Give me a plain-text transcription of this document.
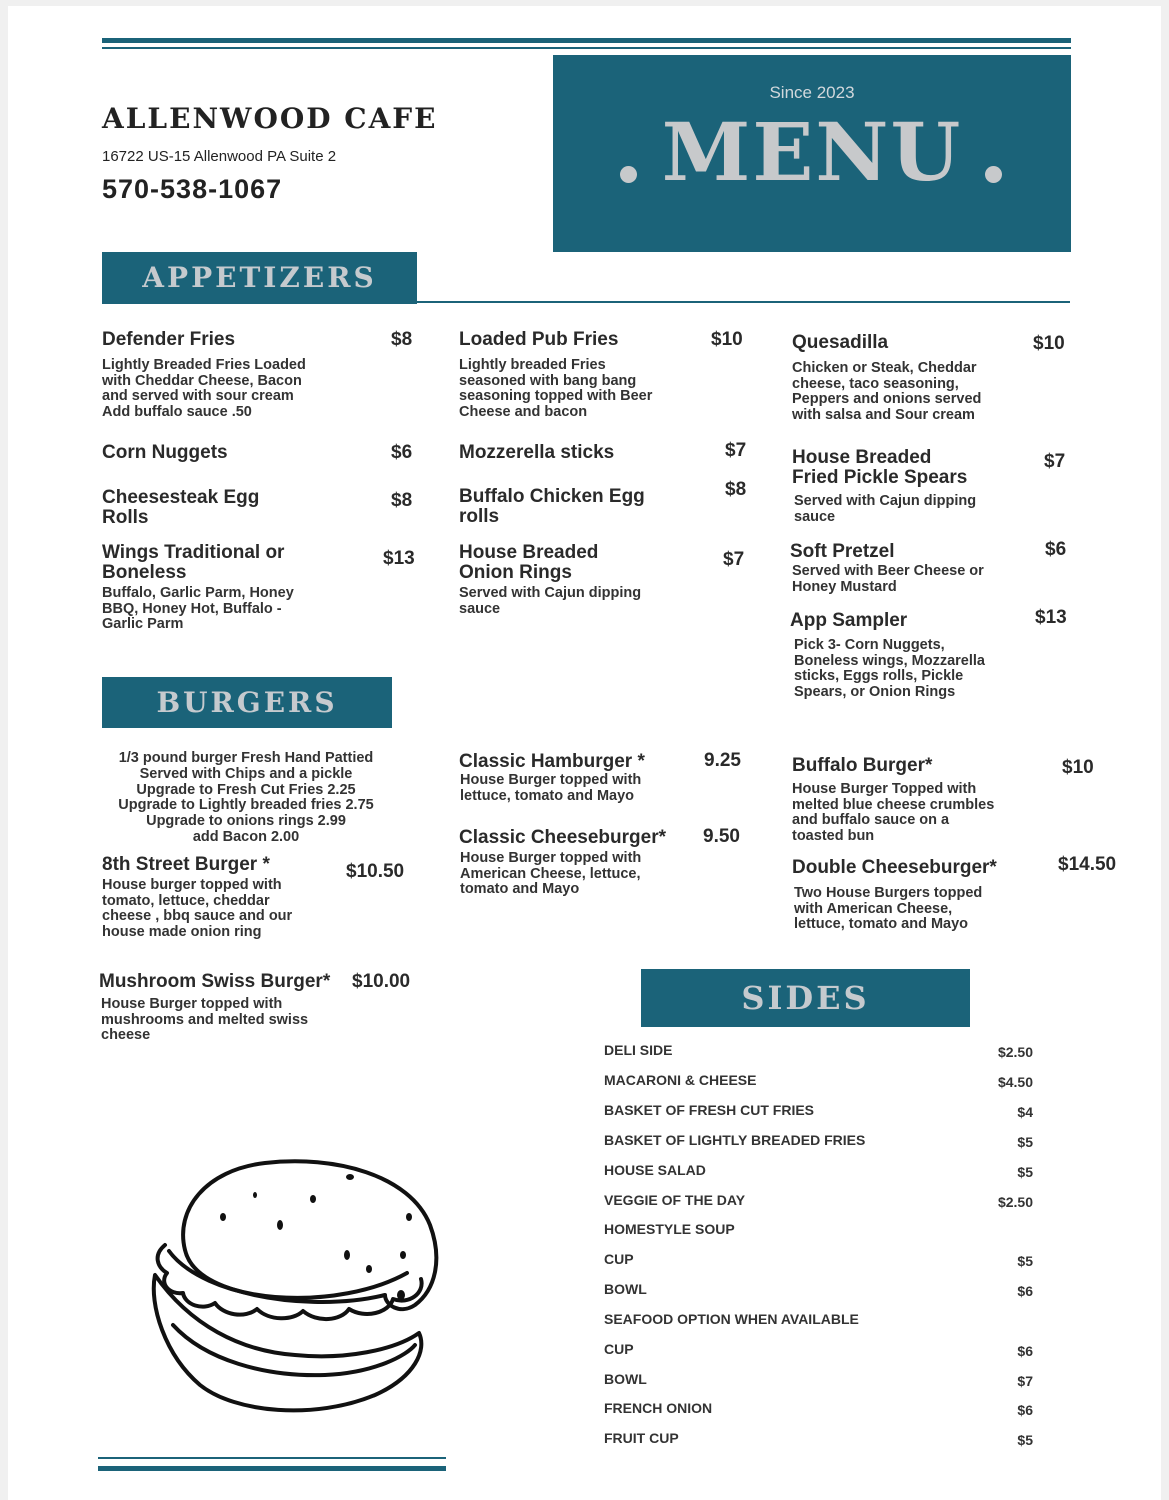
ALLENWOOD CAFE
16722 US-15 Allenwood PA Suite 2
570-538-1067
Since 2023
MENU
APPETIZERS
Defender Fries	$8
Lightly Breaded Fries Loaded
with Cheddar Cheese, Bacon
and served with sour cream
Add buffalo sauce .50
Corn Nuggets	$6
Cheesesteak Egg
Rolls
$8
Wings Traditional or
Boneless
$13
Buffalo, Garlic Parm, Honey
BBQ, Honey Hot, Buffalo -
Garlic Parm
Loaded Pub Fries	$10
Lightly breaded Fries
seasoned with bang bang
seasoning topped with Beer
Cheese and bacon
Mozzerella sticks	$7
Buffalo Chicken Egg
rolls
$8
House Breaded
Onion Rings
$7
Served with Cajun dipping
sauce
Quesadilla	$10
Chicken or Steak, Cheddar
cheese, taco seasoning,
Peppers and onions served
with salsa and Sour cream
House Breaded
Fried Pickle Spears
$7
Served with Cajun dipping
sauce
Soft Pretzel	$6
Served with Beer Cheese or
Honey Mustard
App Sampler	$13
Pick 3- Corn Nuggets,
Boneless wings, Mozzarella
sticks, Eggs rolls, Pickle
Spears, or Onion Rings
BURGERS
1/3 pound burger Fresh Hand Pattied
Served with Chips and a pickle
Upgrade to Fresh Cut Fries 2.25
Upgrade to Lightly breaded fries 2.75
Upgrade to onions rings 2.99
add Bacon 2.00
8th Street Burger *	$10.50
House burger topped with
tomato, lettuce, cheddar
cheese , bbq sauce and our
house made onion ring
Mushroom Swiss Burger* $10.00
House Burger topped with
mushrooms and melted swiss
cheese
Classic Hamburger *	9.25
House Burger topped with
lettuce, tomato and Mayo
Classic Cheeseburger* 9.50
House Burger topped with
American Cheese, lettuce,
tomato and Mayo
Buffalo Burger*	$10
House Burger Topped with
melted blue cheese crumbles
and buffalo sauce on a
toasted bun
Double Cheeseburger*	$14.50
Two House Burgers topped
with American Cheese,
lettuce, tomato and Mayo
SIDES
DELI SIDE	$2.50
MACARONI & CHEESE	$4.50
BASKET OF FRESH CUT FRIES	$4
BASKET OF LIGHTLY BREADED FRIES	$5
HOUSE SALAD	$5
VEGGIE OF THE DAY	$2.50
HOMESTYLE SOUP
CUP	$5
BOWL	$6
SEAFOOD OPTION WHEN AVAILABLE
CUP	$6
BOWL	$7
FRENCH ONION	$6
FRUIT CUP	$5
